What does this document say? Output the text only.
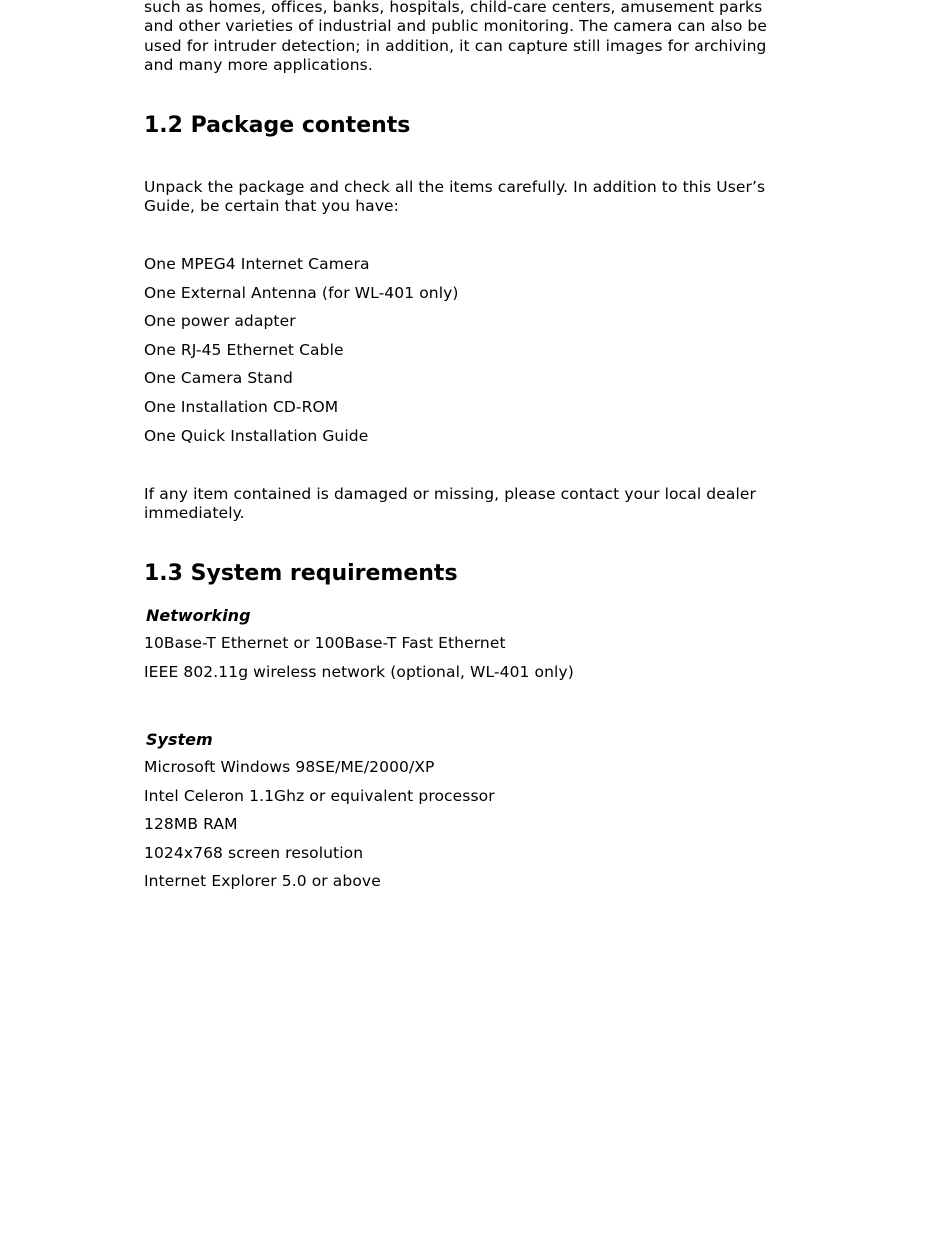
such as homes, offices, banks, hospitals, child-care centers, amusement parks

and other varieties of industrial and public monitoring. The camera can also be

used for intruder detection; in addition, it can capture still images for archiving

and many more applications.

1.2 Package contents

Unpack the package and check all the items carefully. In addition to this User’s

Guide, be certain that you have:

One MPEG4 Internet Camera

One External Antenna (for WL-401 only)

One power adapter

One RJ-45 Ethernet Cable

One Camera Stand

One Installation CD-ROM

One Quick Installation Guide

If any item contained is damaged or missing, please contact your local dealer

immediately.

1.3 System requirements

Networking

10Base-T Ethernet or 100Base-T Fast Ethernet

IEEE 802.11g wireless network (optional, WL-401 only)

System

Microsoft Windows 98SE/ME/2000/XP

Intel Celeron 1.1Ghz or equivalent processor

128MB RAM

1024x768 screen resolution

Internet Explorer 5.0 or above
